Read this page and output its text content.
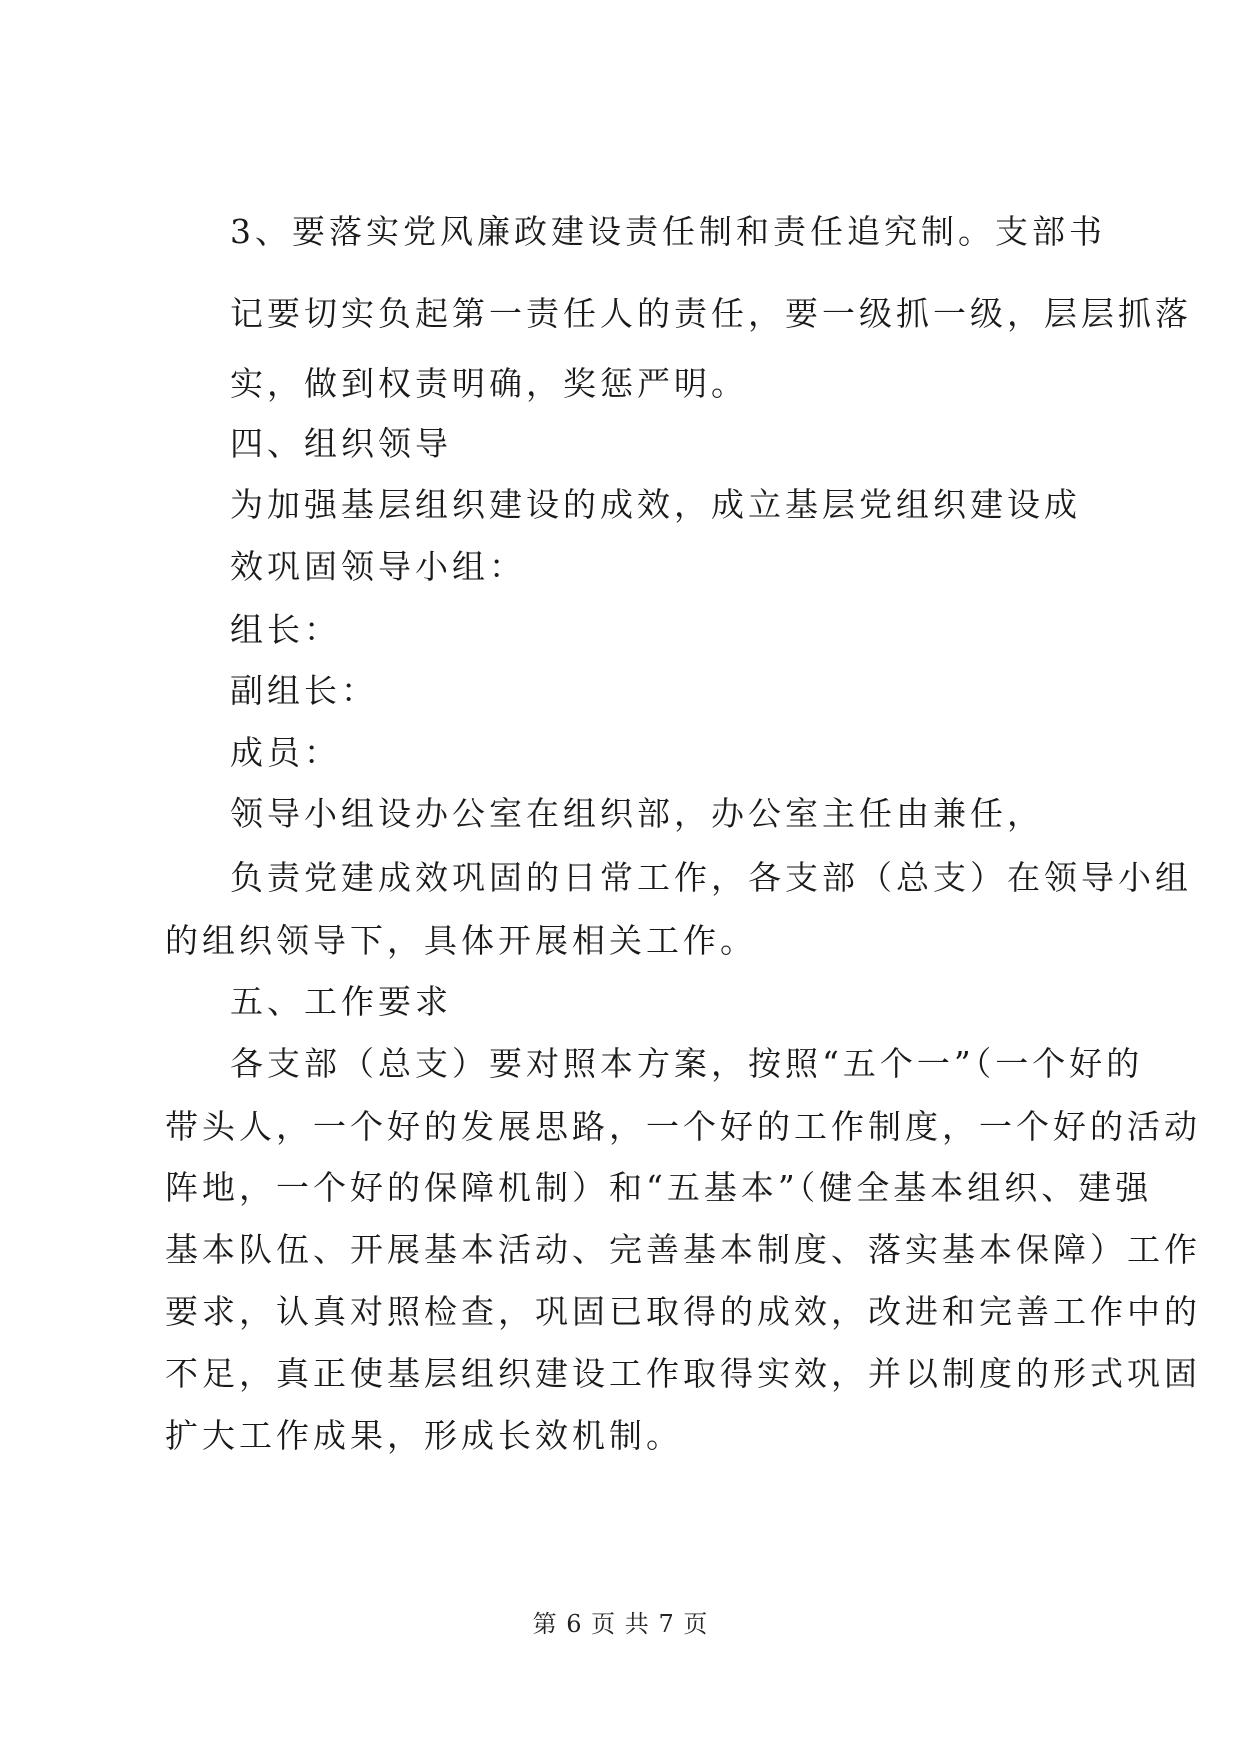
3、要落实党风廉政建设责任制和责任追究制。支部书
记要切实负起第一责任人的责任，要一级抓一级，层层抓落
实，做到权责明确，奖惩严明。
四、组织领导
为加强基层组织建设的成效，成立基层党组织建设成
效巩固领导小组：
组长：
副组长：
成员：
领导小组设办公室在组织部，办公室主任由兼任，
负责党建成效巩固的日常工作，各支部（总支）在领导小组
的组织领导下，具体开展相关工作。
五、工作要求
各支部（总支）要对照本方案，按照“五个一”（一个好的
带头人，一个好的发展思路，一个好的工作制度，一个好的活动
阵地，一个好的保障机制）和“五基本”（健全基本组织、建强
基本队伍、开展基本活动、完善基本制度、落实基本保障）工作
要求，认真对照检查，巩固已取得的成效，改进和完善工作中的
不足，真正使基层组织建设工作取得实效，并以制度的形式巩固
扩大工作成果，形成长效机制。
第 6 页 共 7 页
